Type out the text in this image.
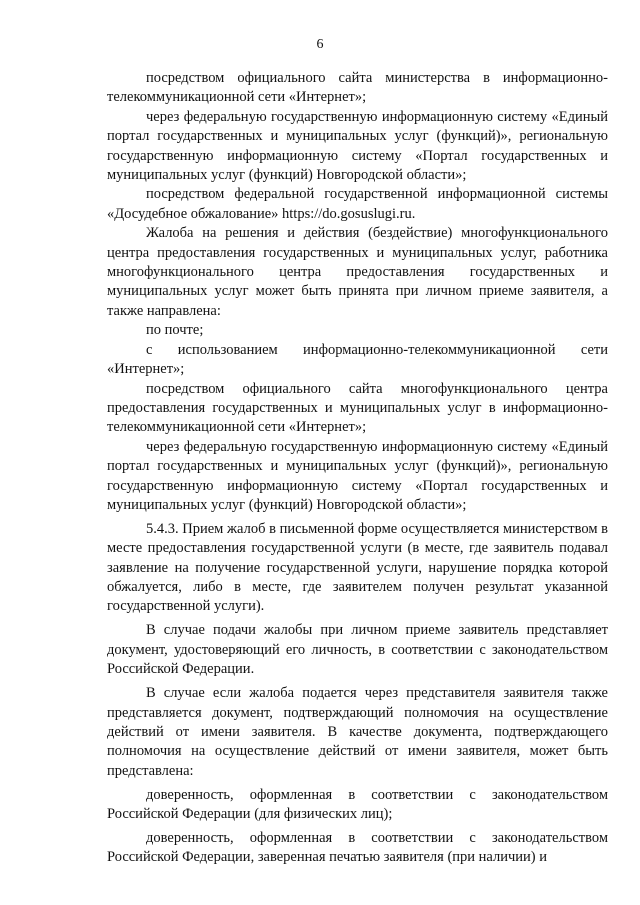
6

посредством официального сайта министерства в информационно-телекоммуникационной сети «Интернет»;

через федеральную государственную информационную систему «Единый портал государственных и муниципальных услуг (функций)», региональную государственную информационную систему «Портал государственных и муниципальных услуг (функций) Новгородской области»;

посредством федеральной государственной информационной системы «Досудебное обжалование» https://do.gosuslugi.ru.

Жалоба на решения и действия (бездействие) многофункционального центра предоставления государственных и муниципальных услуг, работника многофункционального центра предоставления государственных и муниципальных услуг может быть принята при личном приеме заявителя, а также направлена:

по почте;

с использованием информационно-телекоммуникационной сети «Интернет»;

посредством официального сайта многофункционального центра предоставления государственных и муниципальных услуг в информационно-телекоммуникационной сети «Интернет»;

через федеральную государственную информационную систему «Единый портал государственных и муниципальных услуг (функций)», региональную государственную информационную систему «Портал государственных и муниципальных услуг (функций) Новгородской области»;

5.4.3. Прием жалоб в письменной форме осуществляется министерством в месте предоставления государственной услуги (в месте, где заявитель подавал заявление на получение государственной услуги, нарушение порядка которой обжалуется, либо в месте, где заявителем получен результат указанной государственной услуги).

В случае подачи жалобы при личном приеме заявитель представляет документ, удостоверяющий его личность, в соответствии с законодательством Российской Федерации.

В случае если жалоба подается через представителя заявителя также представляется документ, подтверждающий полномочия на осуществление действий от имени заявителя. В качестве документа, подтверждающего полномочия на осуществление действий от имени заявителя, может быть представлена:

доверенность, оформленная в соответствии с законодательством Российской Федерации (для физических лиц);

доверенность, оформленная в соответствии с законодательством Российской Федерации, заверенная печатью заявителя (при наличии) и
